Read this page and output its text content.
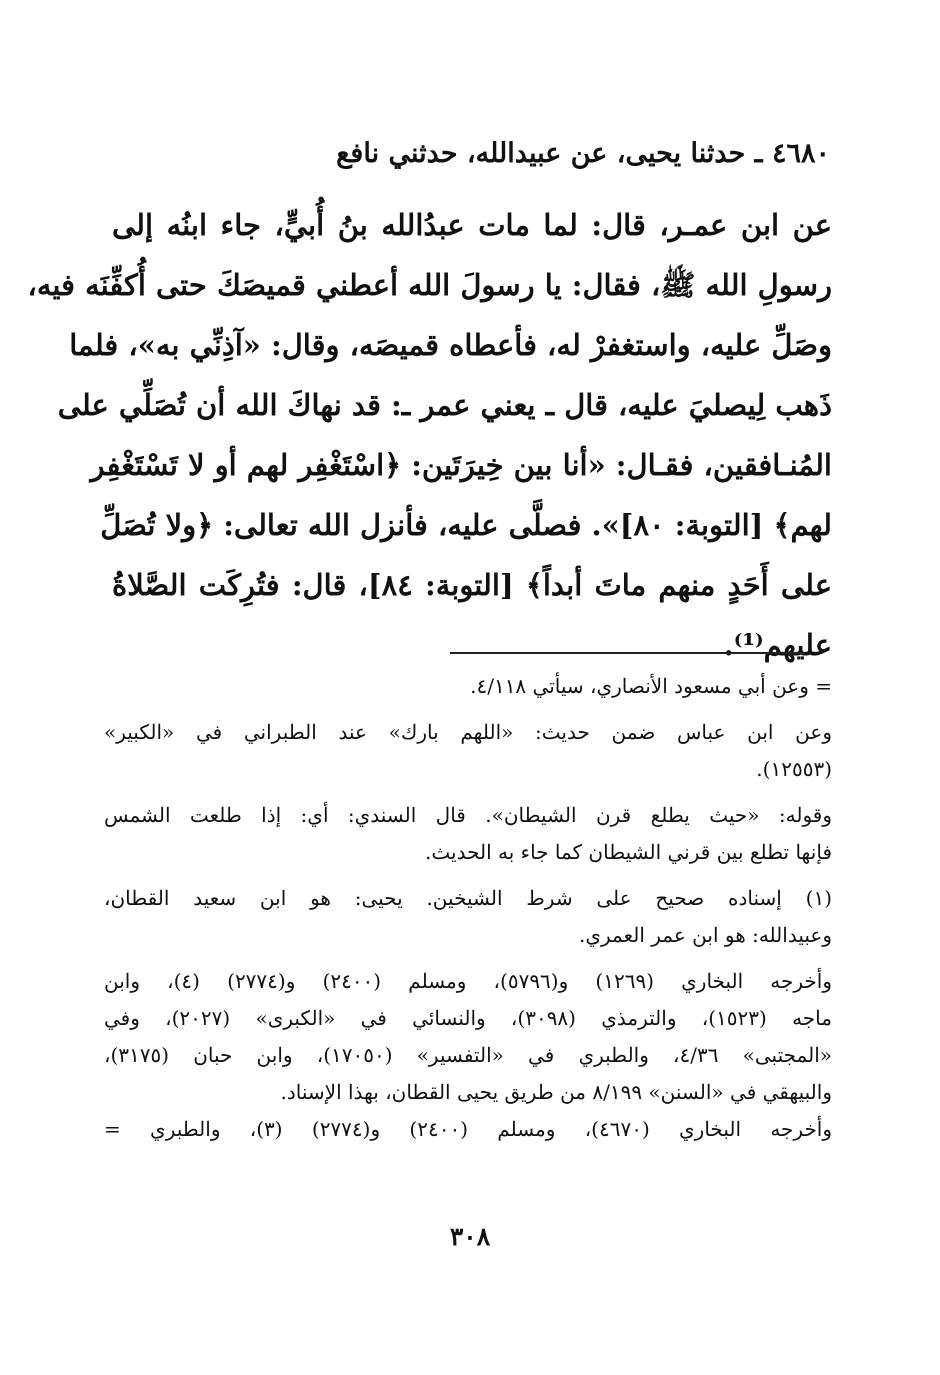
٤٦٨٠ ـ حدثنا يحيى، عن عبيدالله، حدثني نافع
عن ابن عمـر، قال: لما مات عبدُالله بنُ أُبيٍّ، جاء ابنُه إلى
رسولِ الله ﷺ، فقال: يا رسولَ الله أعطني قميصَكَ حتى أُكفِّنَه فيه،
وصَلِّ عليه، واستغفرْ له، فأعطاه قميصَه، وقال: «آذِنِّي به»، فلما
ذَهب لِيصليَ عليه، قال ـ يعني عمر ـ: قد نهاكَ الله أن تُصَلِّي على
المُنـافقين، فقـال: «أنا بين خِيرَتَين: ﴿اسْتَغْفِر لهم أو لا تَسْتَغْفِر
لهم﴾ [التوبة: ٨٠]». فصلَّى عليه، فأنزل الله تعالى: ﴿ولا تُصَلِّ
على أَحَدٍ منهم ماتَ أبداً﴾ [التوبة: ٨٤]، قال: فتُرِكَت الصَّلاةُ
عليهم⁽¹⁾.
= وعن أبي مسعود الأنصاري، سيأتي ٤/١١٨.
وعن ابن عباس ضمن حديث: «اللهم بارك» عند الطبراني في «الكبير»
(١٢٥٥٣).
وقوله: «حيث يطلع قرن الشيطان». قال السندي: أي: إذا طلعت الشمس
فإنها تطلع بين قرني الشيطان كما جاء به الحديث.
(١) إسناده صحيح على شرط الشيخين. يحيى: هو ابن سعيد القطان،
وعبيدالله: هو ابن عمر العمري.
وأخرجه البخاري (١٢٦٩) و(٥٧٩٦)، ومسلم (٢٤٠٠) و(٢٧٧٤) (٤)، وابن
ماجه (١٥٢٣)، والترمذي (٣٠٩٨)، والنسائي في «الكبرى» (٢٠٢٧)، وفي
«المجتبى» ٤/٣٦، والطبري في «التفسير» (١٧٠٥٠)، وابن حبان (٣١٧٥)،
والبيهقي في «السنن» ٨/١٩٩ من طريق يحيى القطان، بهذا الإسناد.
وأخرجه البخاري (٤٦٧٠)، ومسلم (٢٤٠٠) و(٢٧٧٤) (٣)، والطبري =
٣٠٨
